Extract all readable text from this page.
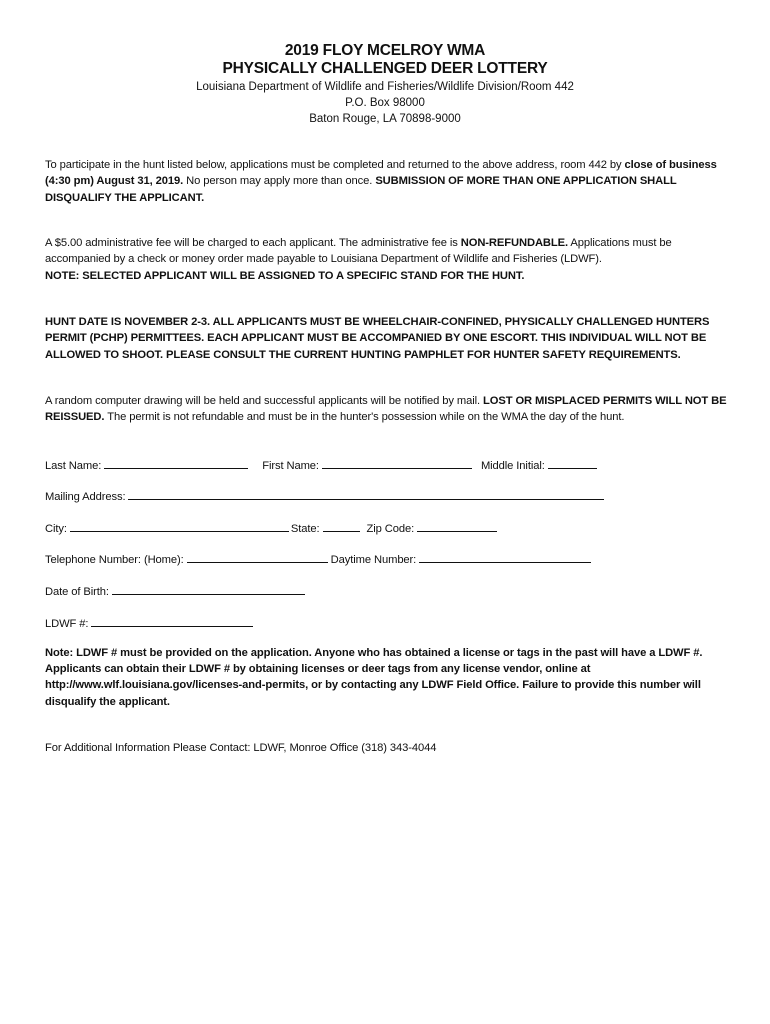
2019 FLOY MCELROY WMA
PHYSICALLY CHALLENGED DEER LOTTERY
Louisiana Department of Wildlife and Fisheries/Wildlife Division/Room 442
P.O. Box 98000
Baton Rouge, LA 70898-9000
To participate in the hunt listed below, applications must be completed and returned to the above address, room 442 by close of business (4:30 pm) August 31, 2019. No person may apply more than once. SUBMISSION OF MORE THAN ONE APPLICATION SHALL DISQUALIFY THE APPLICANT.
A $5.00 administrative fee will be charged to each applicant. The administrative fee is NON-REFUNDABLE. Applications must be accompanied by a check or money order made payable to Louisiana Department of Wildlife and Fisheries (LDWF).
NOTE: SELECTED APPLICANT WILL BE ASSIGNED TO A SPECIFIC STAND FOR THE HUNT.
HUNT DATE IS NOVEMBER 2-3. ALL APPLICANTS MUST BE WHEELCHAIR-CONFINED, PHYSICALLY CHALLENGED HUNTERS PERMIT (PCHP) PERMITTEES. EACH APPLICANT MUST BE ACCOMPANIED BY ONE ESCORT. THIS INDIVIDUAL WILL NOT BE ALLOWED TO SHOOT. PLEASE CONSULT THE CURRENT HUNTING PAMPHLET FOR HUNTER SAFETY REQUIREMENTS.
A random computer drawing will be held and successful applicants will be notified by mail. LOST OR MISPLACED PERMITS WILL NOT BE REISSUED. The permit is not refundable and must be in the hunter's possession while on the WMA the day of the hunt.
Last Name:	First Name:	Middle Initial:
Mailing Address:
City:	State:	Zip Code:
Telephone Number: (Home):	Daytime Number:
Date of Birth:
LDWF #:
Note: LDWF # must be provided on the application. Anyone who has obtained a license or tags in the past will have a LDWF #. Applicants can obtain their LDWF # by obtaining licenses or deer tags from any license vendor, online at http://www.wlf.louisiana.gov/licenses-and-permits, or by contacting any LDWF Field Office. Failure to provide this number will disqualify the applicant.
For Additional Information Please Contact: LDWF, Monroe Office (318) 343-4044
